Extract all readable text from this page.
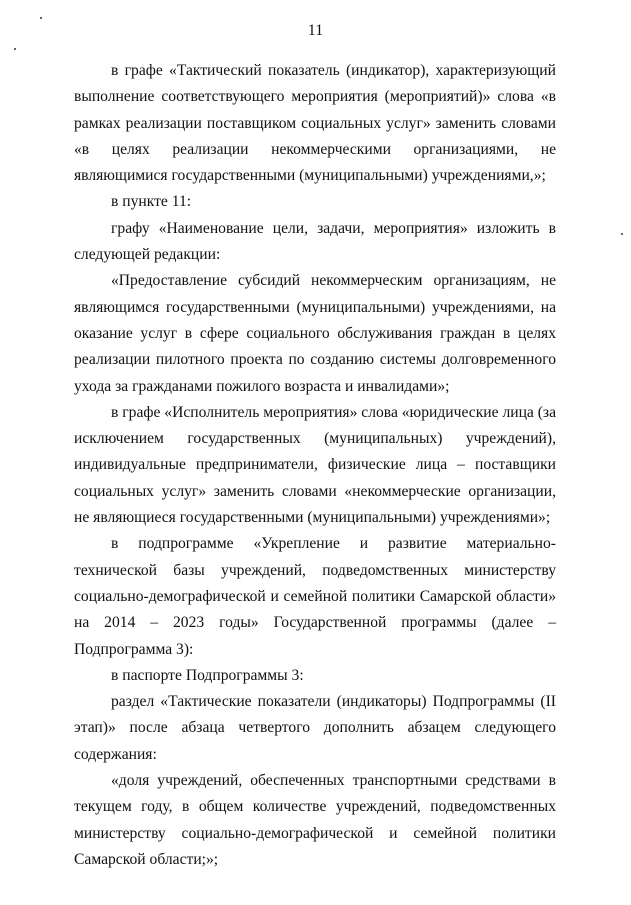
11

в графе «Тактический показатель (индикатор), характеризующий выполнение соответствующего мероприятия (мероприятий)» слова «в рамках реализации поставщиком социальных услуг» заменить словами «в целях реализации некоммерческими организациями, не являющимися государственными (муниципальными) учреждениями,»;

в пункте 11:

графу «Наименование цели, задачи, мероприятия» изложить в следующей редакции:

«Предоставление субсидий некоммерческим организациям, не являющимся государственными (муниципальными) учреждениями, на оказание услуг в сфере социального обслуживания граждан в целях реализации пилотного проекта по созданию системы долговременного ухода за гражданами пожилого возраста и инвалидами»;

в графе «Исполнитель мероприятия» слова «юридические лица (за исключением государственных (муниципальных) учреждений), индивидуальные предприниматели, физические лица – поставщики социальных услуг» заменить словами «некоммерческие организации, не являющиеся государственными (муниципальными) учреждениями»;

в подпрограмме «Укрепление и развитие материально-технической базы учреждений, подведомственных министерству социально-демографической и семейной политики Самарской области» на 2014 – 2023 годы» Государственной программы (далее – Подпрограмма 3):

в паспорте Подпрограммы 3:

раздел «Тактические показатели (индикаторы) Подпрограммы (II этап)» после абзаца четвертого дополнить абзацем следующего содержания:

«доля учреждений, обеспеченных транспортными средствами в текущем году, в общем количестве учреждений, подведомственных министерству социально-демографической и семейной политики Самарской области;»;
